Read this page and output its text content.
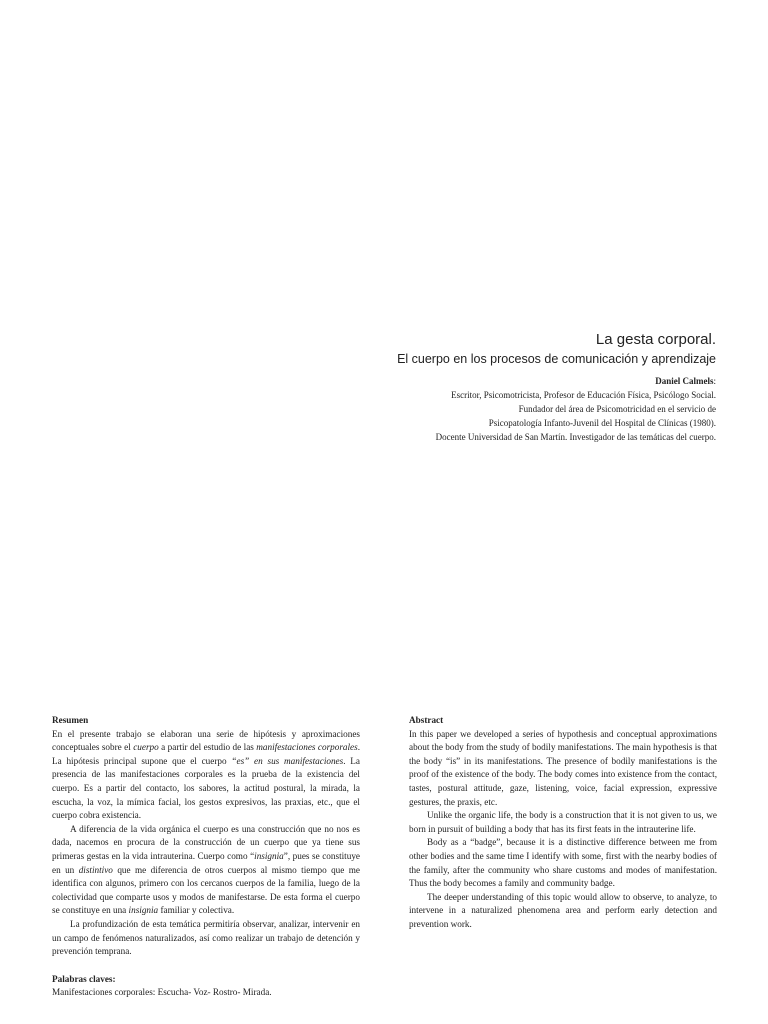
La gesta corporal.

El cuerpo en los procesos de comunicación y aprendizaje

Daniel Calmels:
Escritor, Psicomotricista, Profesor de Educación Física, Psicólogo Social.
Fundador del área de Psicomotricidad en el servicio de
Psicopatología Infanto-Juvenil del Hospital de Clínicas (1980).
Docente Universidad de San Martín. Investigador de las temáticas del cuerpo.
Resumen

En el presente trabajo se elaboran una serie de hipótesis y aproximaciones conceptuales sobre el cuerpo a partir del estudio de las manifestaciones corporales. La hipótesis principal supone que el cuerpo “es” en sus manifestaciones. La presencia de las manifestaciones corporales es la prueba de la existencia del cuerpo. Es a partir del contacto, los sabores, la actitud postural, la mirada, la escucha, la voz, la mímica facial, los gestos expresivos, las praxias, etc., que el cuerpo cobra existencia.

A diferencia de la vida orgánica el cuerpo es una construcción que no nos es dada, nacemos en procura de la construcción de un cuerpo que ya tiene sus primeras gestas en la vida intrauterina. Cuerpo como “insignia”, pues se constituye en un distintivo que me diferencia de otros cuerpos al mismo tiempo que me identifica con algunos, primero con los cercanos cuerpos de la familia, luego de la colectividad que comparte usos y modos de manifestarse. De esta forma el cuerpo se constituye en una insignia familiar y colectiva.

La profundización de esta temática permitiría observar, analizar, intervenir en un campo de fenómenos naturalizados, así como realizar un trabajo de detención y prevención temprana.

Palabras claves:
Manifestaciones corporales: Escucha- Voz- Rostro- Mirada.
Abstract

In this paper we developed a series of hypothesis and conceptual approximations about the body from the study of bodily manifestations. The main hypothesis is that the body “is” in its manifestations. The presence of bodily manifestations is the proof of the existence of the body. The body comes into existence from the contact, tastes, postural attitude, gaze, listening, voice, facial expression, expressive gestures, the praxis, etc.

Unlike the organic life, the body is a construction that it is not given to us, we born in pursuit of building a body that has its first feats in the intrauterine life.

Body as a “badge”, because it is a distinctive difference between me from other bodies and the same time I identify with some, first with the nearby bodies of the family, after the community who share customs and modes of manifestation. Thus the body becomes a family and community badge.

The deeper understanding of this topic would allow to observe, to analyze, to intervene in a naturalized phenomena area and perform early detection and prevention work.
